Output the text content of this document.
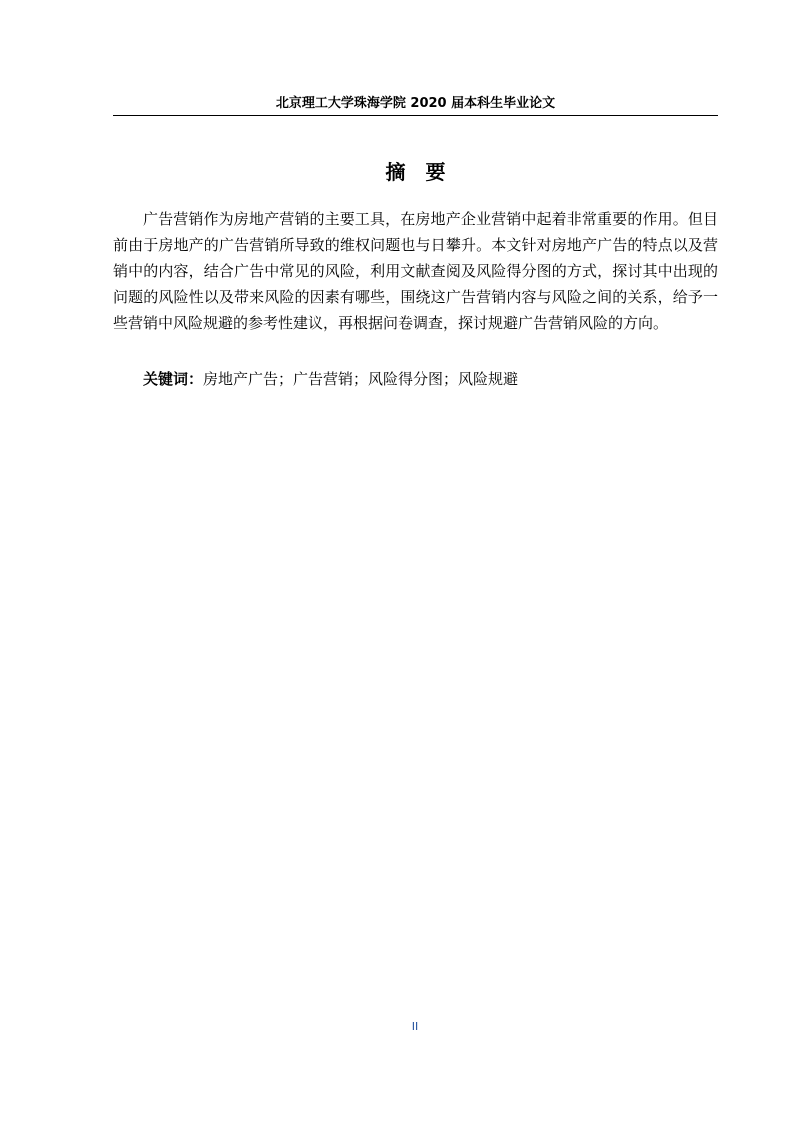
北京理工大学珠海学院 2020 届本科生毕业论文
摘要

广告营销作为房地产营销的主要工具，在房地产企业营销中起着非常重要的作用。但目前由于房地产的广告营销所导致的维权问题也与日攀升。本文针对房地产广告的特点以及营销中的内容，结合广告中常见的风险，利用文献查阅及风险得分图的方式，探讨其中出现的问题的风险性以及带来风险的因素有哪些，围绕这广告营销内容与风险之间的关系，给予一些营销中风险规避的参考性建议，再根据问卷调查，探讨规避广告营销风险的方向。

关键词：房地产广告；广告营销；风险得分图；风险规避

II
